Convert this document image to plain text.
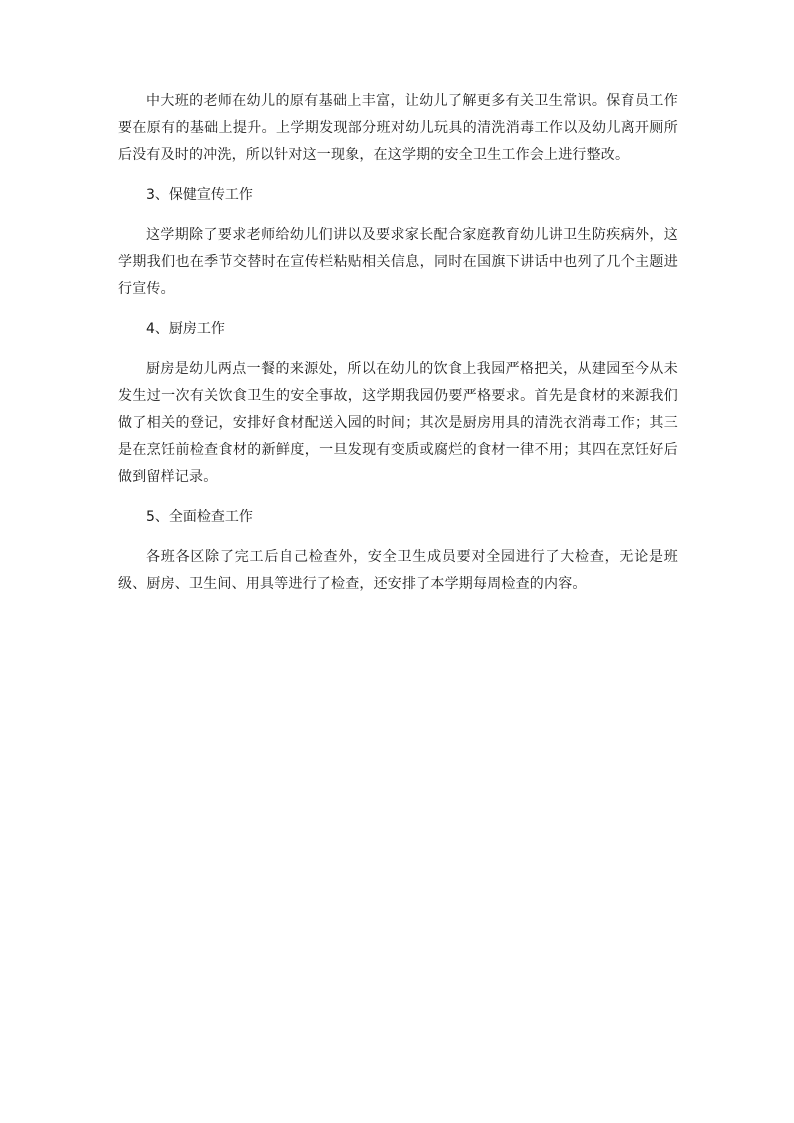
中大班的老师在幼儿的原有基础上丰富，让幼儿了解更多有关卫生常识。保育员工作要在原有的基础上提升。上学期发现部分班对幼儿玩具的清洗消毒工作以及幼儿离开厕所后没有及时的冲洗，所以针对这一现象，在这学期的安全卫生工作会上进行整改。

3、保健宣传工作

这学期除了要求老师给幼儿们讲以及要求家长配合家庭教育幼儿讲卫生防疾病外，这学期我们也在季节交替时在宣传栏粘贴相关信息，同时在国旗下讲话中也列了几个主题进行宣传。

4、厨房工作

厨房是幼儿两点一餐的来源处，所以在幼儿的饮食上我园严格把关，从建园至今从未发生过一次有关饮食卫生的安全事故，这学期我园仍要严格要求。首先是食材的来源我们做了相关的登记，安排好食材配送入园的时间；其次是厨房用具的清洗衣消毒工作；其三是在烹饪前检查食材的新鲜度，一旦发现有变质或腐烂的食材一律不用；其四在烹饪好后做到留样记录。

5、全面检查工作

各班各区除了完工后自己检查外，安全卫生成员要对全园进行了大检查，无论是班级、厨房、卫生间、用具等进行了检查，还安排了本学期每周检查的内容。
